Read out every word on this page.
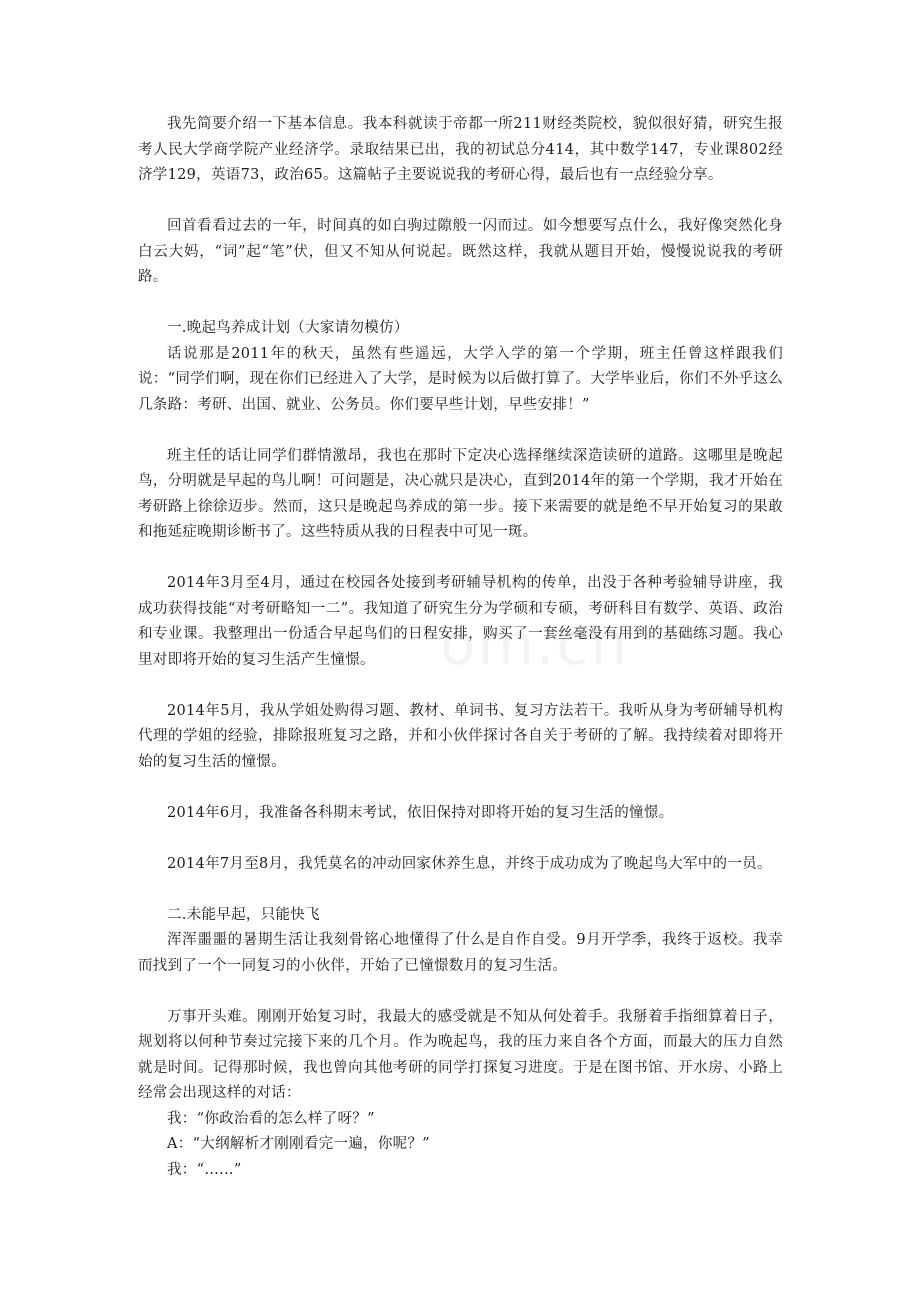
我先简要介绍一下基本信息。我本科就读于帝都一所211财经类院校，貌似很好猜，研究生报考人民大学商学院产业经济学。录取结果已出，我的初试总分414，其中数学147，专业课802经济学129，英语73，政治65。这篇帖子主要说说我的考研心得，最后也有一点经验分享。

回首看看过去的一年，时间真的如白驹过隙般一闪而过。如今想要写点什么，我好像突然化身白云大妈，“词”起“笔”伏，但又不知从何说起。既然这样，我就从题目开始，慢慢说说我的考研路。

一.晚起鸟养成计划（大家请勿模仿）

话说那是2011年的秋天，虽然有些遥远，大学入学的第一个学期，班主任曾这样跟我们说：“同学们啊，现在你们已经进入了大学，是时候为以后做打算了。大学毕业后，你们不外乎这么几条路：考研、出国、就业、公务员。你们要早些计划，早些安排！”

班主任的话让同学们群情激昂，我也在那时下定决心选择继续深造读研的道路。这哪里是晚起鸟，分明就是早起的鸟儿啊！可问题是，决心就只是决心，直到2014年的第一个学期，我才开始在考研路上徐徐迈步。然而，这只是晚起鸟养成的第一步。接下来需要的就是绝不早开始复习的果敢和拖延症晚期诊断书了。这些特质从我的日程表中可见一斑。

2014年3月至4月，通过在校园各处接到考研辅导机构的传单，出没于各种考验辅导讲座，我成功获得技能“对考研略知一二”。我知道了研究生分为学硕和专硕，考研科目有数学、英语、政治和专业课。我整理出一份适合早起鸟们的日程安排，购买了一套丝毫没有用到的基础练习题。我心里对即将开始的复习生活产生憧憬。

2014年5月，我从学姐处购得习题、教材、单词书、复习方法若干。我听从身为考研辅导机构代理的学姐的经验，排除报班复习之路，并和小伙伴探讨各自关于考研的了解。我持续着对即将开始的复习生活的憧憬。

2014年6月，我准备各科期末考试，依旧保持对即将开始的复习生活的憧憬。

2014年7月至8月，我凭莫名的冲动回家休养生息，并终于成功成为了晚起鸟大军中的一员。

二.未能早起，只能快飞

浑浑噩噩的暑期生活让我刻骨铭心地懂得了什么是自作自受。9月开学季，我终于返校。我幸而找到了一个一同复习的小伙伴，开始了已憧憬数月的复习生活。

万事开头难。刚刚开始复习时，我最大的感受就是不知从何处着手。我掰着手指细算着日子，规划将以何种节奏过完接下来的几个月。作为晚起鸟，我的压力来自各个方面，而最大的压力自然就是时间。记得那时候，我也曾向其他考研的同学打探复习进度。于是在图书馆、开水房、小路上经常会出现这样的对话：

我：“你政治看的怎么样了呀？”

A：“大纲解析才刚刚看完一遍，你呢？”

我：“……”
